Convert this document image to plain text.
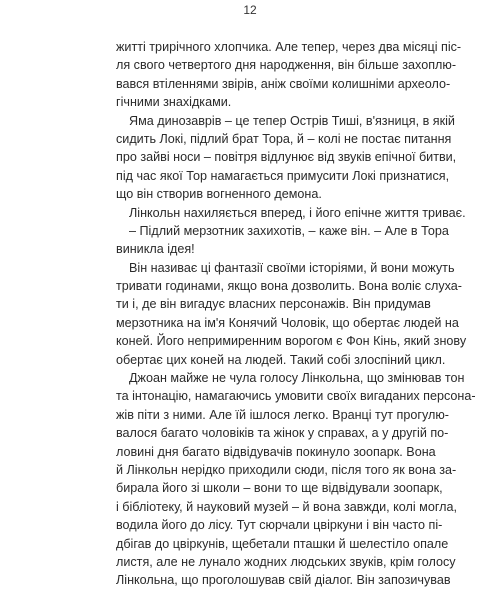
12
життi трирiчного хлопчика. Але тепер, через два мiсяцi пiс-
ля свого четвертого дня народження, вiн бiльше захоплю-
вався втiленнями звiрiв, анiж своїми колишнiми археоло-
гiчними знахiдками.
Яма динозаврiв – це тепер Острiв Тишi, в'язниця, в якiй
сидить Локi, пiдлий брат Тора, й – колi не постає питання
про зайвi носи – повiтря вiдлунює вiд звукiв епiчної битви,
пiд час якої Тор намагається примусити Локi признатися,
що вiн створив вогненного демона.
Лiнкольн нахиляється вперед, i його епiчне життя триває.
– Пiдлий мерзотник захихотiв, – каже вiн. – Але в Тора
виникла iдея!
Вiн називає цi фантазiї своїми iсторiями, й вони можуть
тривати годинами, якщо вона дозволить. Вона волiє слуха-
ти i, де вiн вигадує власних персонажiв. Вiн придумав
мерзотника на iм'я Конячий Чоловiк, що обертає людей на
коней. Його непримиренним ворогом є Фон Кiнь, який знову
обертає цих коней на людей. Такий собi злоспiний цикл.
Джоан майже не чула голосу Лiнкольна, що змiнював тон
та iнтонацiю, намагаючись умовити своїх вигаданих персона-
жiв пiти з ними. Але їй iшлося легко. Вранцi тут прогулю-
валося багато чоловiкiв та жiнок у справах, а у другiй по-
ловинi дня багато вiдвiдувачiв покинуло зоопарк. Вона
й Лiнкольн нерiдко приходили сюди, пiсля того як вона за-
бирала його зi школи – вони то ще вiдвiдували зоопарк,
i бiблiотеку, й науковий музей – й вона завжди, колi могла,
водила його до лiсу. Тут сюрчали цвiркуни i вiн часто пi-
дбiгав до цвiркунiв, щебетали пташки й шелестiло опале
листя, але не лунало жодних людських звукiв, крiм голосу
Лiнкольна, що проголошував свiй дiалог. Вiн запозичував
